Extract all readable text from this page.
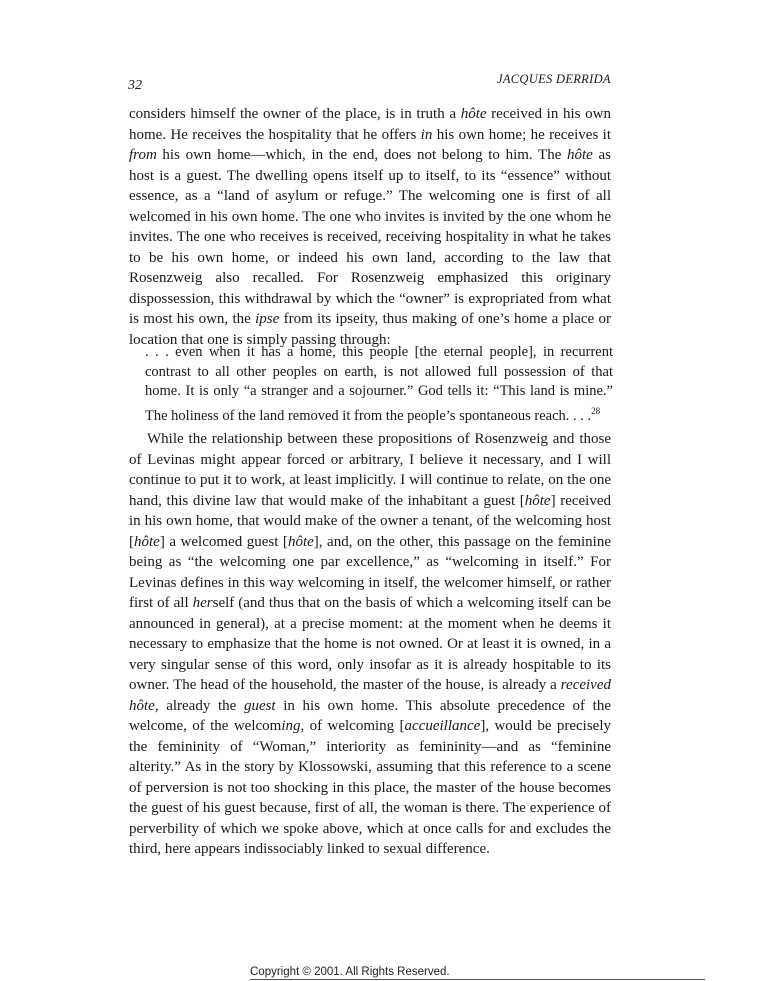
32	JACQUES DERRIDA
considers himself the owner of the place, is in truth a hôte received in his own home. He receives the hospitality that he offers in his own home; he receives it from his own home—which, in the end, does not belong to him. The hôte as host is a guest. The dwelling opens itself up to itself, to its “essence” without essence, as a “land of asylum or refuge.” The welcoming one is first of all welcomed in his own home. The one who invites is invited by the one whom he invites. The one who receives is received, receiving hospitality in what he takes to be his own home, or indeed his own land, according to the law that Rosenzweig also recalled. For Rosenzweig emphasized this originary dispossession, this withdrawal by which the “owner” is expropriated from what is most his own, the ipse from its ipseity, thus making of one’s home a place or location that one is simply passing through:
. . . even when it has a home, this people [the eternal people], in recurrent contrast to all other peoples on earth, is not allowed full possession of that home. It is only “a stranger and a sojourner.” God tells it: “This land is mine.” The holiness of the land removed it from the people’s spontaneous reach. . . .$^{28}$
While the relationship between these propositions of Rosenzweig and those of Levinas might appear forced or arbitrary, I believe it necessary, and I will continue to put it to work, at least implicitly. I will continue to relate, on the one hand, this divine law that would make of the inhabitant a guest [hôte] received in his own home, that would make of the owner a tenant, of the welcoming host [hôte] a welcomed guest [hôte], and, on the other, this passage on the feminine being as “the welcoming one par excellence,” as “welcoming in itself.” For Levinas defines in this way welcoming in itself, the welcomer himself, or rather first of all herself (and thus that on the basis of which a welcoming itself can be announced in general), at a precise moment: at the moment when he deems it necessary to emphasize that the home is not owned. Or at least it is owned, in a very singular sense of this word, only insofar as it is already hospitable to its owner. The head of the household, the master of the house, is already a received hôte, already the guest in his own home. This absolute precedence of the welcome, of the welcoming, of welcoming [accueillance], would be precisely the femininity of “Woman,” interiority as femininity—and as “feminine alterity.” As in the story by Klossowski, assuming that this reference to a scene of perversion is not too shocking in this place, the master of the house becomes the guest of his guest because, first of all, the woman is there. The experience of perverbility of which we spoke above, which at once calls for and excludes the third, here appears indissociably linked to sexual difference.
Copyright © 2001. All Rights Reserved.
